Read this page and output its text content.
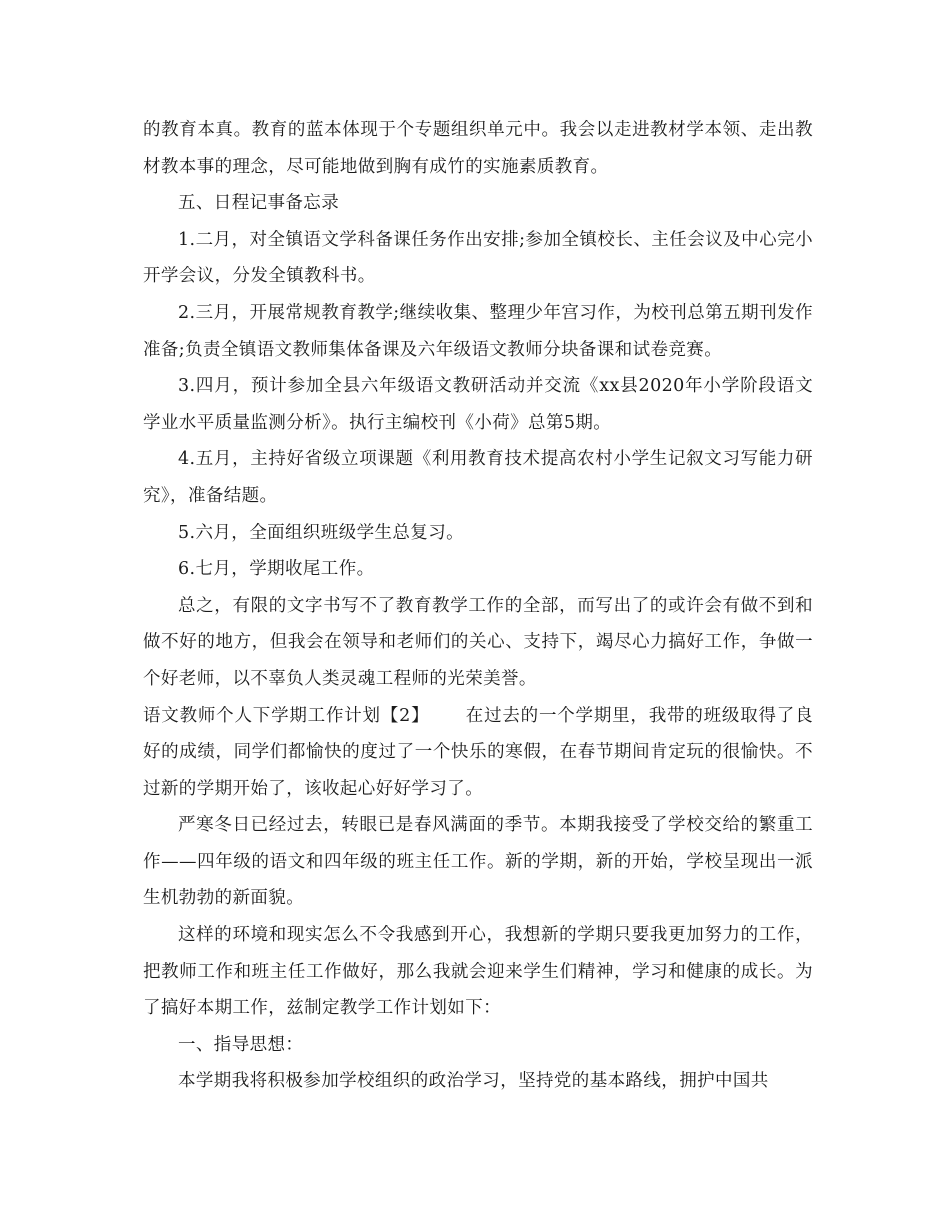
的教育本真。教育的蓝本体现于个专题组织单元中。我会以走进教材学本领、走出教材教本事的理念，尽可能地做到胸有成竹的实施素质教育。

五、日程记事备忘录

1.二月，对全镇语文学科备课任务作出安排;参加全镇校长、主任会议及中心完小开学会议，分发全镇教科书。

2.三月，开展常规教育教学;继续收集、整理少年宫习作，为校刊总第五期刊发作准备;负责全镇语文教师集体备课及六年级语文教师分块备课和试卷竞赛。

3.四月，预计参加全县六年级语文教研活动并交流《xx县2020年小学阶段语文学业水平质量监测分析》。执行主编校刊《小荷》总第5期。

4.五月，主持好省级立项课题《利用教育技术提高农村小学生记叙文习写能力研究》，准备结题。

5.六月，全面组织班级学生总复习。

6.七月，学期收尾工作。

总之，有限的文字书写不了教育教学工作的全部，而写出了的或许会有做不到和做不好的地方，但我会在领导和老师们的关心、支持下，竭尽心力搞好工作，争做一个好老师，以不辜负人类灵魂工程师的光荣美誉。

语文教师个人下学期工作计划【2】 在过去的一个学期里，我带的班级取得了良好的成绩，同学们都愉快的度过了一个快乐的寒假，在春节期间肯定玩的很愉快。不过新的学期开始了，该收起心好好学习了。

严寒冬日已经过去，转眼已是春风满面的季节。本期我接受了学校交给的繁重工作——四年级的语文和四年级的班主任工作。新的学期，新的开始，学校呈现出一派生机勃勃的新面貌。

这样的环境和现实怎么不令我感到开心，我想新的学期只要我更加努力的工作，把教师工作和班主任工作做好，那么我就会迎来学生们精神，学习和健康的成长。为了搞好本期工作，兹制定教学工作计划如下：

一、指导思想：

本学期我将积极参加学校组织的政治学习，坚持党的基本路线，拥护中国共
